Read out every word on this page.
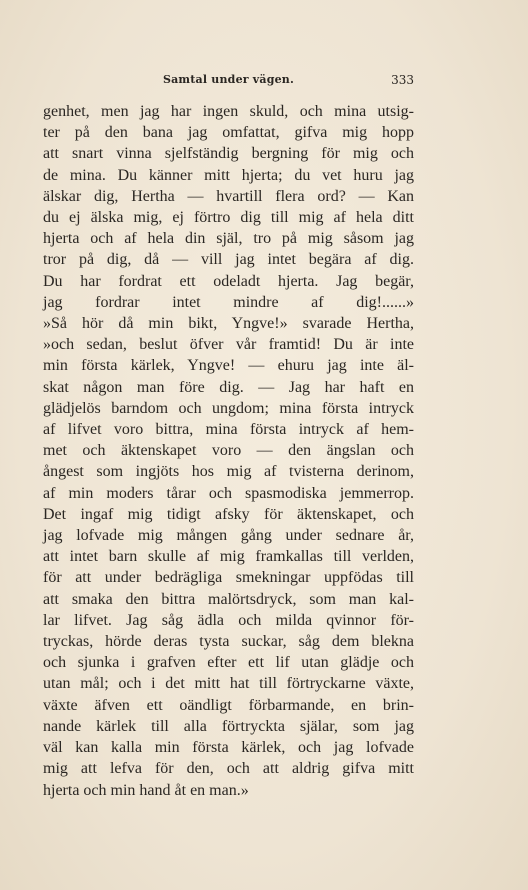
Samtal under vägen.	333
genhet, men jag har ingen skuld, och mina utsig-
ter på den bana jag omfattat, gifva mig hopp
att snart vinna sjelfständig bergning för mig och
de mina. Du känner mitt hjerta; du vet huru jag
älskar dig, Hertha — hvartill flera ord? — Kan
du ej älska mig, ej förtro dig till mig af hela ditt
hjerta och af hela din själ, tro på mig såsom jag
tror på dig, då — vill jag intet begära af dig.
Du har fordrat ett odeladt hjerta. Jag begär,
jag fordrar intet mindre af dig!......»
»Så hör då min bikt, Yngve!» svarade Hertha,
»och sedan, beslut öfver vår framtid! Du är inte
min första kärlek, Yngve! — ehuru jag inte äl-
skat någon man före dig. — Jag har haft en
glädjelös barndom och ungdom; mina första intryck
af lifvet voro bittra, mina första intryck af hem-
met och äktenskapet voro — den ängslan och
ångest som ingjöts hos mig af tvisterna derinom,
af min moders tårar och spasmodiska jemmerrop.
Det ingaf mig tidigt afsky för äktenskapet, och
jag lofvade mig mången gång under sednare år,
att intet barn skulle af mig framkallas till verlden,
för att under bedrägliga smekningar uppfödas till
att smaka den bittra malörtsdryck, som man kal-
lar lifvet. Jag såg ädla och milda qvinnor för-
tryckas, hörde deras tysta suckar, såg dem blekna
och sjunka i grafven efter ett lif utan glädje och
utan mål; och i det mitt hat till förtryckarne växte,
växte äfven ett oändligt förbarmande, en brin-
nande kärlek till alla förtryckta själar, som jag
väl kan kalla min första kärlek, och jag lofvade
mig att lefva för den, och att aldrig gifva mitt
hjerta och min hand åt en man.»
